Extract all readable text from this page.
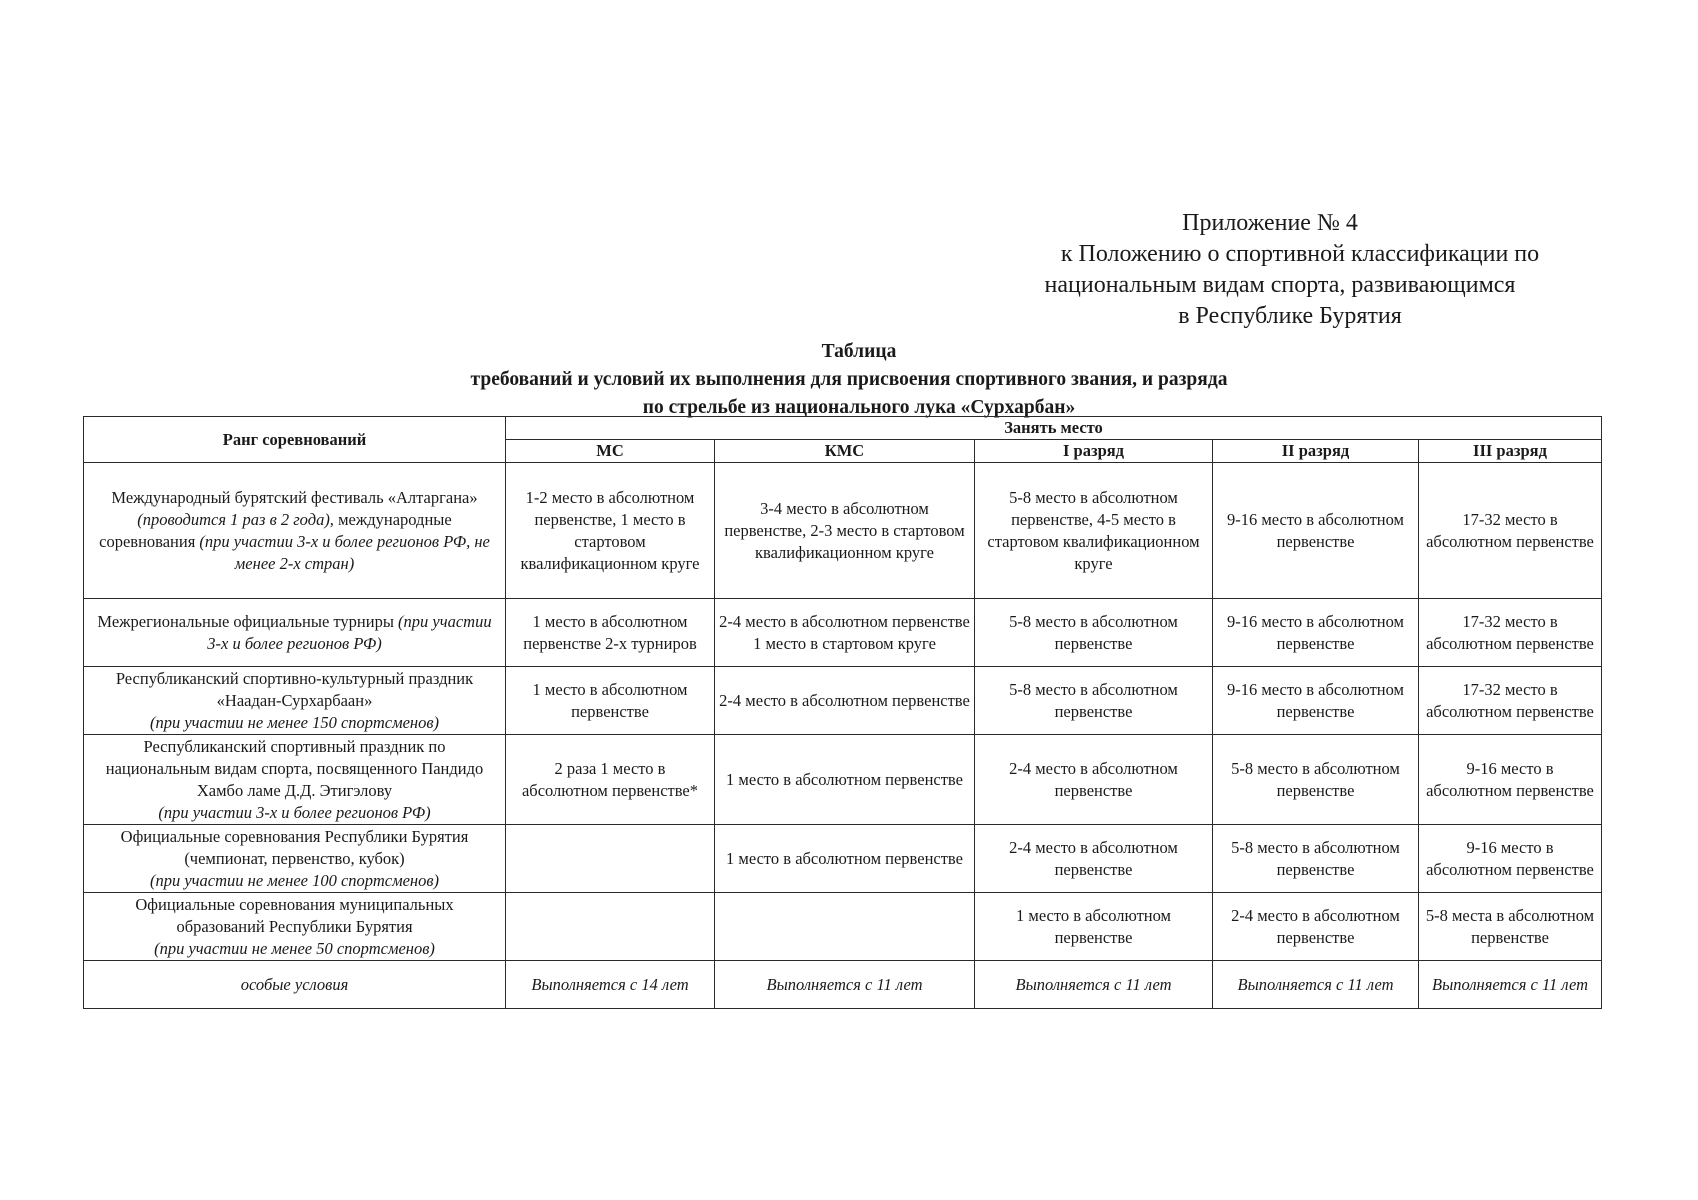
Приложение № 4
к Положению о спортивной классификации по
национальным видам спорта, развивающимся
в Республике Бурятия
Таблица
требований и условий их выполнения для присвоения спортивного звания, и разряда
по стрельбе из национального лука «Сурхарбан»
Ранг соревнований	Занять место				
	МС	КМС	I разряд	II разряд	III разряд
Международный бурятский фестиваль «Алтаргана» (проводится 1 раз в 2 года), международные соревнования (при участии 3-х и более регионов РФ, не менее 2-х стран)	1-2 место в абсолютном первенстве, 1 место в стартовом квалификационном круге	3-4 место в абсолютном первенстве, 2-3 место в стартовом квалификационном круге	5-8 место в абсолютном первенстве, 4-5 место в стартовом квалификационном круге	9-16 место в абсолютном первенстве	17-32 место в абсолютном первенстве
Межрегиональные официальные турниры (при участии 3-х и более регионов РФ)	1 место в абсолютном первенстве 2-х турниров	2-4 место в абсолютном первенстве 1 место в стартовом круге	5-8 место в абсолютном первенстве	9-16 место в абсолютном первенстве	17-32 место в абсолютном первенстве
Республиканский спортивно-культурный праздник «Наадан-Сурхарбаан»
(при участии не менее 150 спортсменов)	1 место в абсолютном первенстве	2-4 место в абсолютном первенстве	5-8 место в абсолютном первенстве	9-16 место в абсолютном первенстве	17-32 место в абсолютном первенстве
Республиканский спортивный праздник по национальным видам спорта, посвященного Пандидо Хамбо ламе Д.Д. Этигэлову
(при участии 3-х и более регионов РФ)	2 раза 1 место в абсолютном первенстве*	1 место в абсолютном первенстве	2-4 место в абсолютном первенстве	5-8 место в абсолютном первенстве	9-16 место в абсолютном первенстве
Официальные соревнования Республики Бурятия (чемпионат, первенство, кубок)
(при участии не менее 100 спортсменов)		1 место в абсолютном первенстве	2-4 место в абсолютном первенстве	5-8 место в абсолютном первенстве	9-16 место в абсолютном первенстве
Официальные соревнования муниципальных образований Республики Бурятия
(при участии не менее 50 спортсменов)			1 место в абсолютном первенстве	2-4 место в абсолютном первенстве	5-8 места в абсолютном первенстве
особые условия	Выполняется с 14 лет	Выполняется с 11 лет	Выполняется с 11 лет	Выполняется с 11 лет	Выполняется с 11 лет
